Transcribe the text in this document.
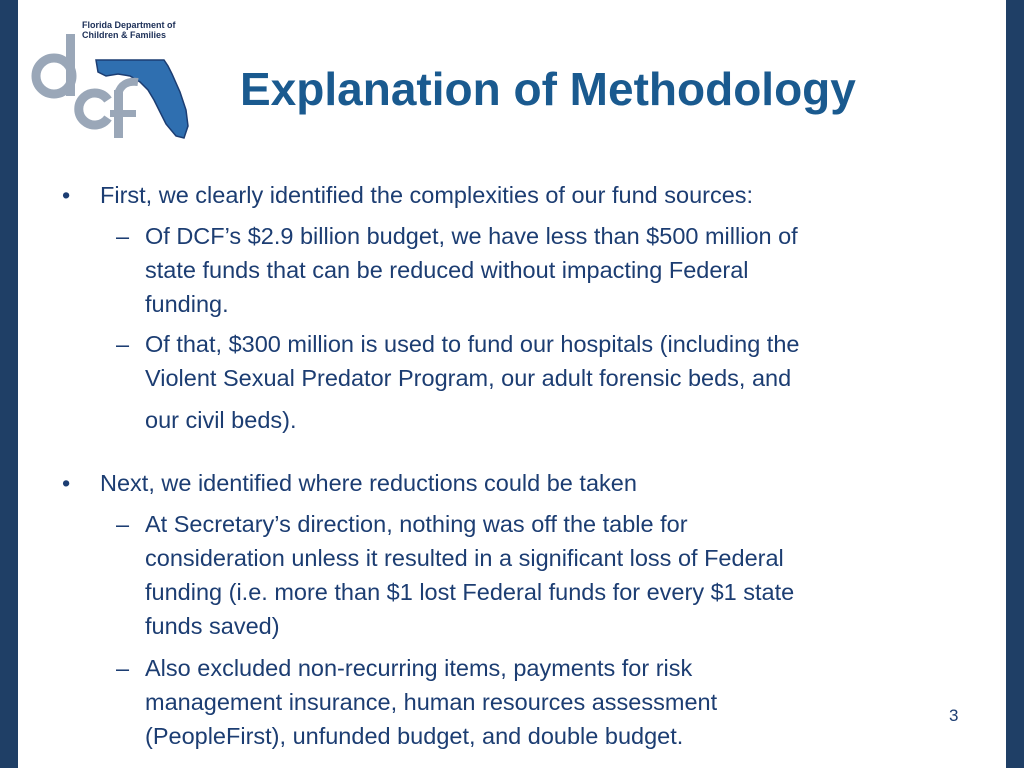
Florida Department of
Children & Families
Explanation of Methodology
• First, we clearly identified the complexities of our fund sources:
– Of DCF’s $2.9 billion budget, we have less than $500 million of
state funds that can be reduced without impacting Federal
funding.
– Of that, $300 million is used to fund our hospitals (including the
Violent Sexual Predator Program, our adult forensic beds, and
our civil beds).
• Next, we identified where reductions could be taken
– At Secretary’s direction, nothing was off the table for
consideration unless it resulted in a significant loss of Federal
funding (i.e. more than $1 lost Federal funds for every $1 state
funds saved)
– Also excluded non-recurring items, payments for risk
management insurance, human resources assessment
(PeopleFirst), unfunded budget, and double budget.
3
